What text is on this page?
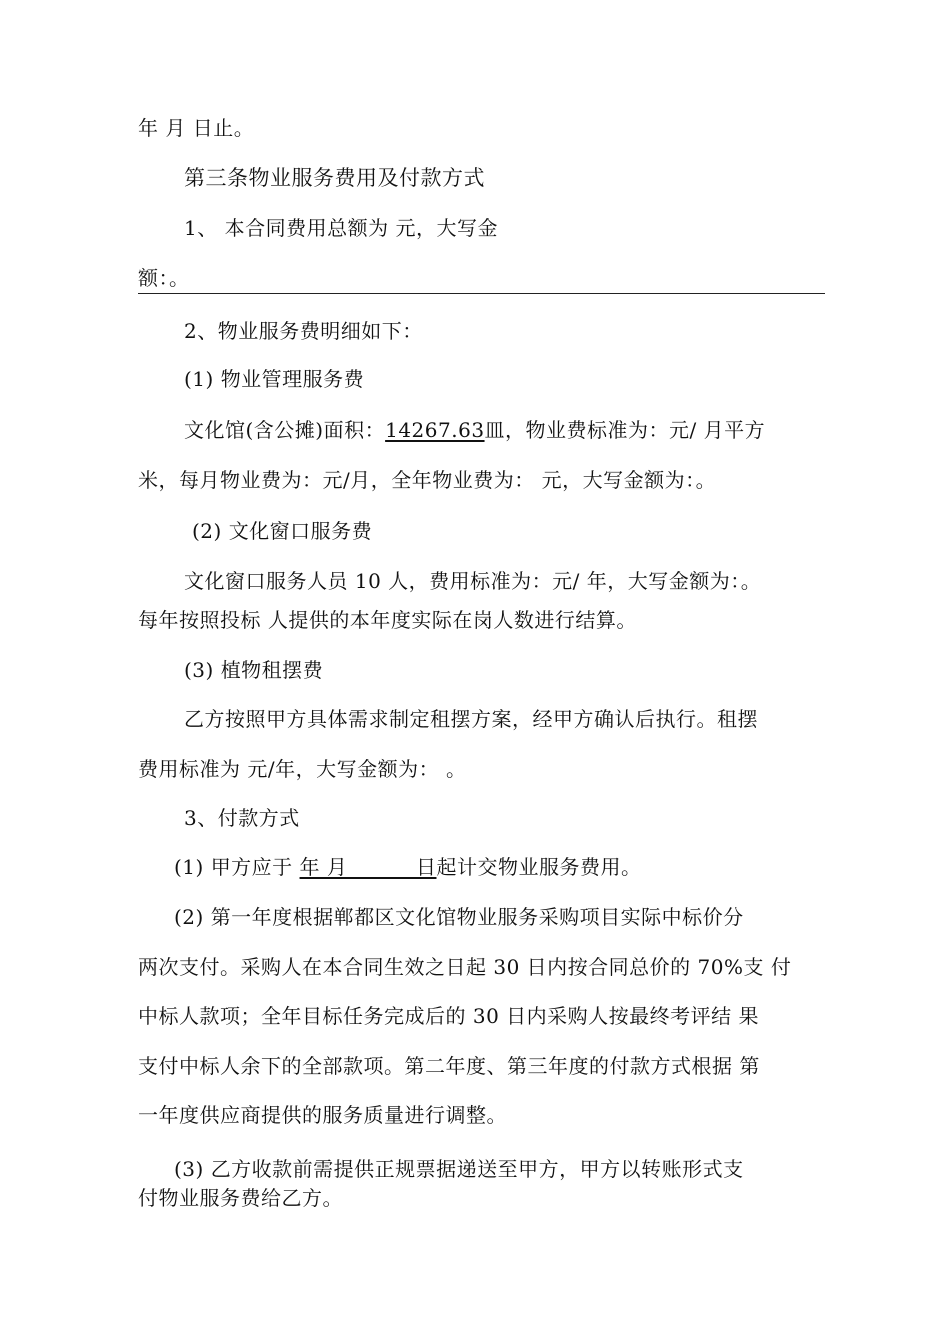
年 月 日止。
第三条物业服务费用及付款方式
1、 本合同费用总额为 元，大写金
额：。
2、物业服务费明细如下：
(1) 物业管理服务费
文化馆(含公摊)面积：14267.63皿，物业费标准为：元/ 月平方
米，每月物业费为：元/月，全年物业费为： 元，大写金额为：。
(2) 文化窗口服务费
文化窗口服务人员 10 人，费用标准为：元/ 年，大写金额为：。
每年按照投标 人提供的本年度实际在岗人数进行结算。
(3) 植物租摆费
乙方按照甲方具体需求制定租摆方案，经甲方确认后执行。租摆
费用标准为 元/年，大写金额为： 。
3、付款方式
(1) 甲方应于 年 月          日起计交物业服务费用。
(2) 第一年度根据郸都区文化馆物业服务采购项目实际中标价分
两次支付。采购人在本合同生效之日起 30 日内按合同总价的 70%支 付
中标人款项；全年目标任务完成后的 30 日内采购人按最终考评结 果
支付中标人余下的全部款项。第二年度、第三年度的付款方式根据 第
一年度供应商提供的服务质量进行调整。
(3) 乙方收款前需提供正规票据递送至甲方，甲方以转账形式支
付物业服务费给乙方。
